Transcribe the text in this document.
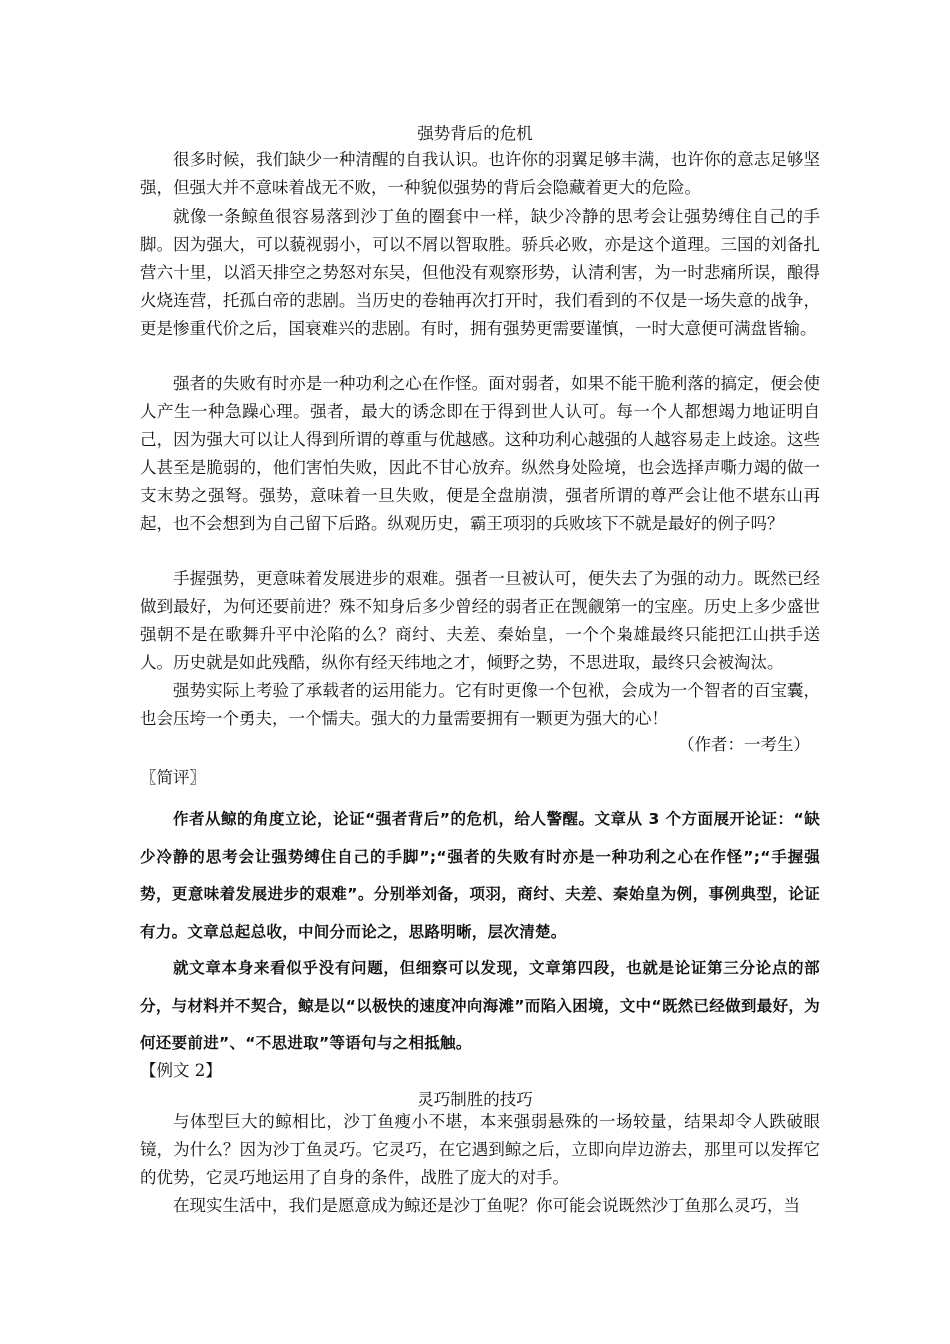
强势背后的危机

很多时候，我们缺少一种清醒的自我认识。也许你的羽翼足够丰满，也许你的意志足够坚强，但强大并不意味着战无不败，一种貌似强势的背后会隐藏着更大的危险。

就像一条鲸鱼很容易落到沙丁鱼的圈套中一样，缺少冷静的思考会让强势缚住自己的手脚。因为强大，可以藐视弱小，可以不屑以智取胜。骄兵必败，亦是这个道理。三国的刘备扎营六十里，以滔天排空之势怒对东吴，但他没有观察形势，认清利害，为一时悲痛所误，酿得火烧连营，托孤白帝的悲剧。当历史的卷轴再次打开时，我们看到的不仅是一场失意的战争，更是惨重代价之后，国衰难兴的悲剧。有时，拥有强势更需要谨慎，一时大意便可满盘皆输。

强者的失败有时亦是一种功利之心在作怪。面对弱者，如果不能干脆利落的搞定，便会使人产生一种急躁心理。强者，最大的诱念即在于得到世人认可。每一个人都想竭力地证明自己，因为强大可以让人得到所谓的尊重与优越感。这种功利心越强的人越容易走上歧途。这些人甚至是脆弱的，他们害怕失败，因此不甘心放弃。纵然身处险境，也会选择声嘶力竭的做一支末势之强弩。强势，意味着一旦失败，便是全盘崩溃，强者所谓的尊严会让他不堪东山再起，也不会想到为自己留下后路。纵观历史，霸王项羽的兵败垓下不就是最好的例子吗？

手握强势，更意味着发展进步的艰难。强者一旦被认可，便失去了为强的动力。既然已经做到最好，为何还要前进？殊不知身后多少曾经的弱者正在觊觎第一的宝座。历史上多少盛世强朝不是在歌舞升平中沦陷的么？商纣、夫差、秦始皇，一个个枭雄最终只能把江山拱手送人。历史就是如此残酷，纵你有经天纬地之才，倾野之势，不思进取，最终只会被淘汰。

强势实际上考验了承载者的运用能力。它有时更像一个包袱，会成为一个智者的百宝囊，也会压垮一个勇夫，一个懦夫。强大的力量需要拥有一颗更为强大的心！

（作者：一考生）
〖简评〗

作者从鲸的角度立论，论证“强者背后”的危机，给人警醒。文章从 3 个方面展开论证：“缺少冷静的思考会让强势缚住自己的手脚”;“强者的失败有时亦是一种功利之心在作怪”;“手握强势，更意味着发展进步的艰难”。分别举刘备，项羽，商纣、夫差、秦始皇为例，事例典型，论证有力。文章总起总收，中间分而论之，思路明晰，层次清楚。

就文章本身来看似乎没有问题，但细察可以发现，文章第四段，也就是论证第三分论点的部分，与材料并不契合，鲸是以“以极快的速度冲向海滩”而陷入困境，文中“既然已经做到最好，为何还要前进”、“不思进取”等语句与之相抵触。

【例文 2】
灵巧制胜的技巧

与体型巨大的鲸相比，沙丁鱼瘦小不堪，本来强弱悬殊的一场较量，结果却令人跌破眼镜，为什么？因为沙丁鱼灵巧。它灵巧，在它遇到鲸之后，立即向岸边游去，那里可以发挥它的优势，它灵巧地运用了自身的条件，战胜了庞大的对手。

在现实生活中，我们是愿意成为鲸还是沙丁鱼呢？你可能会说既然沙丁鱼那么灵巧，当
